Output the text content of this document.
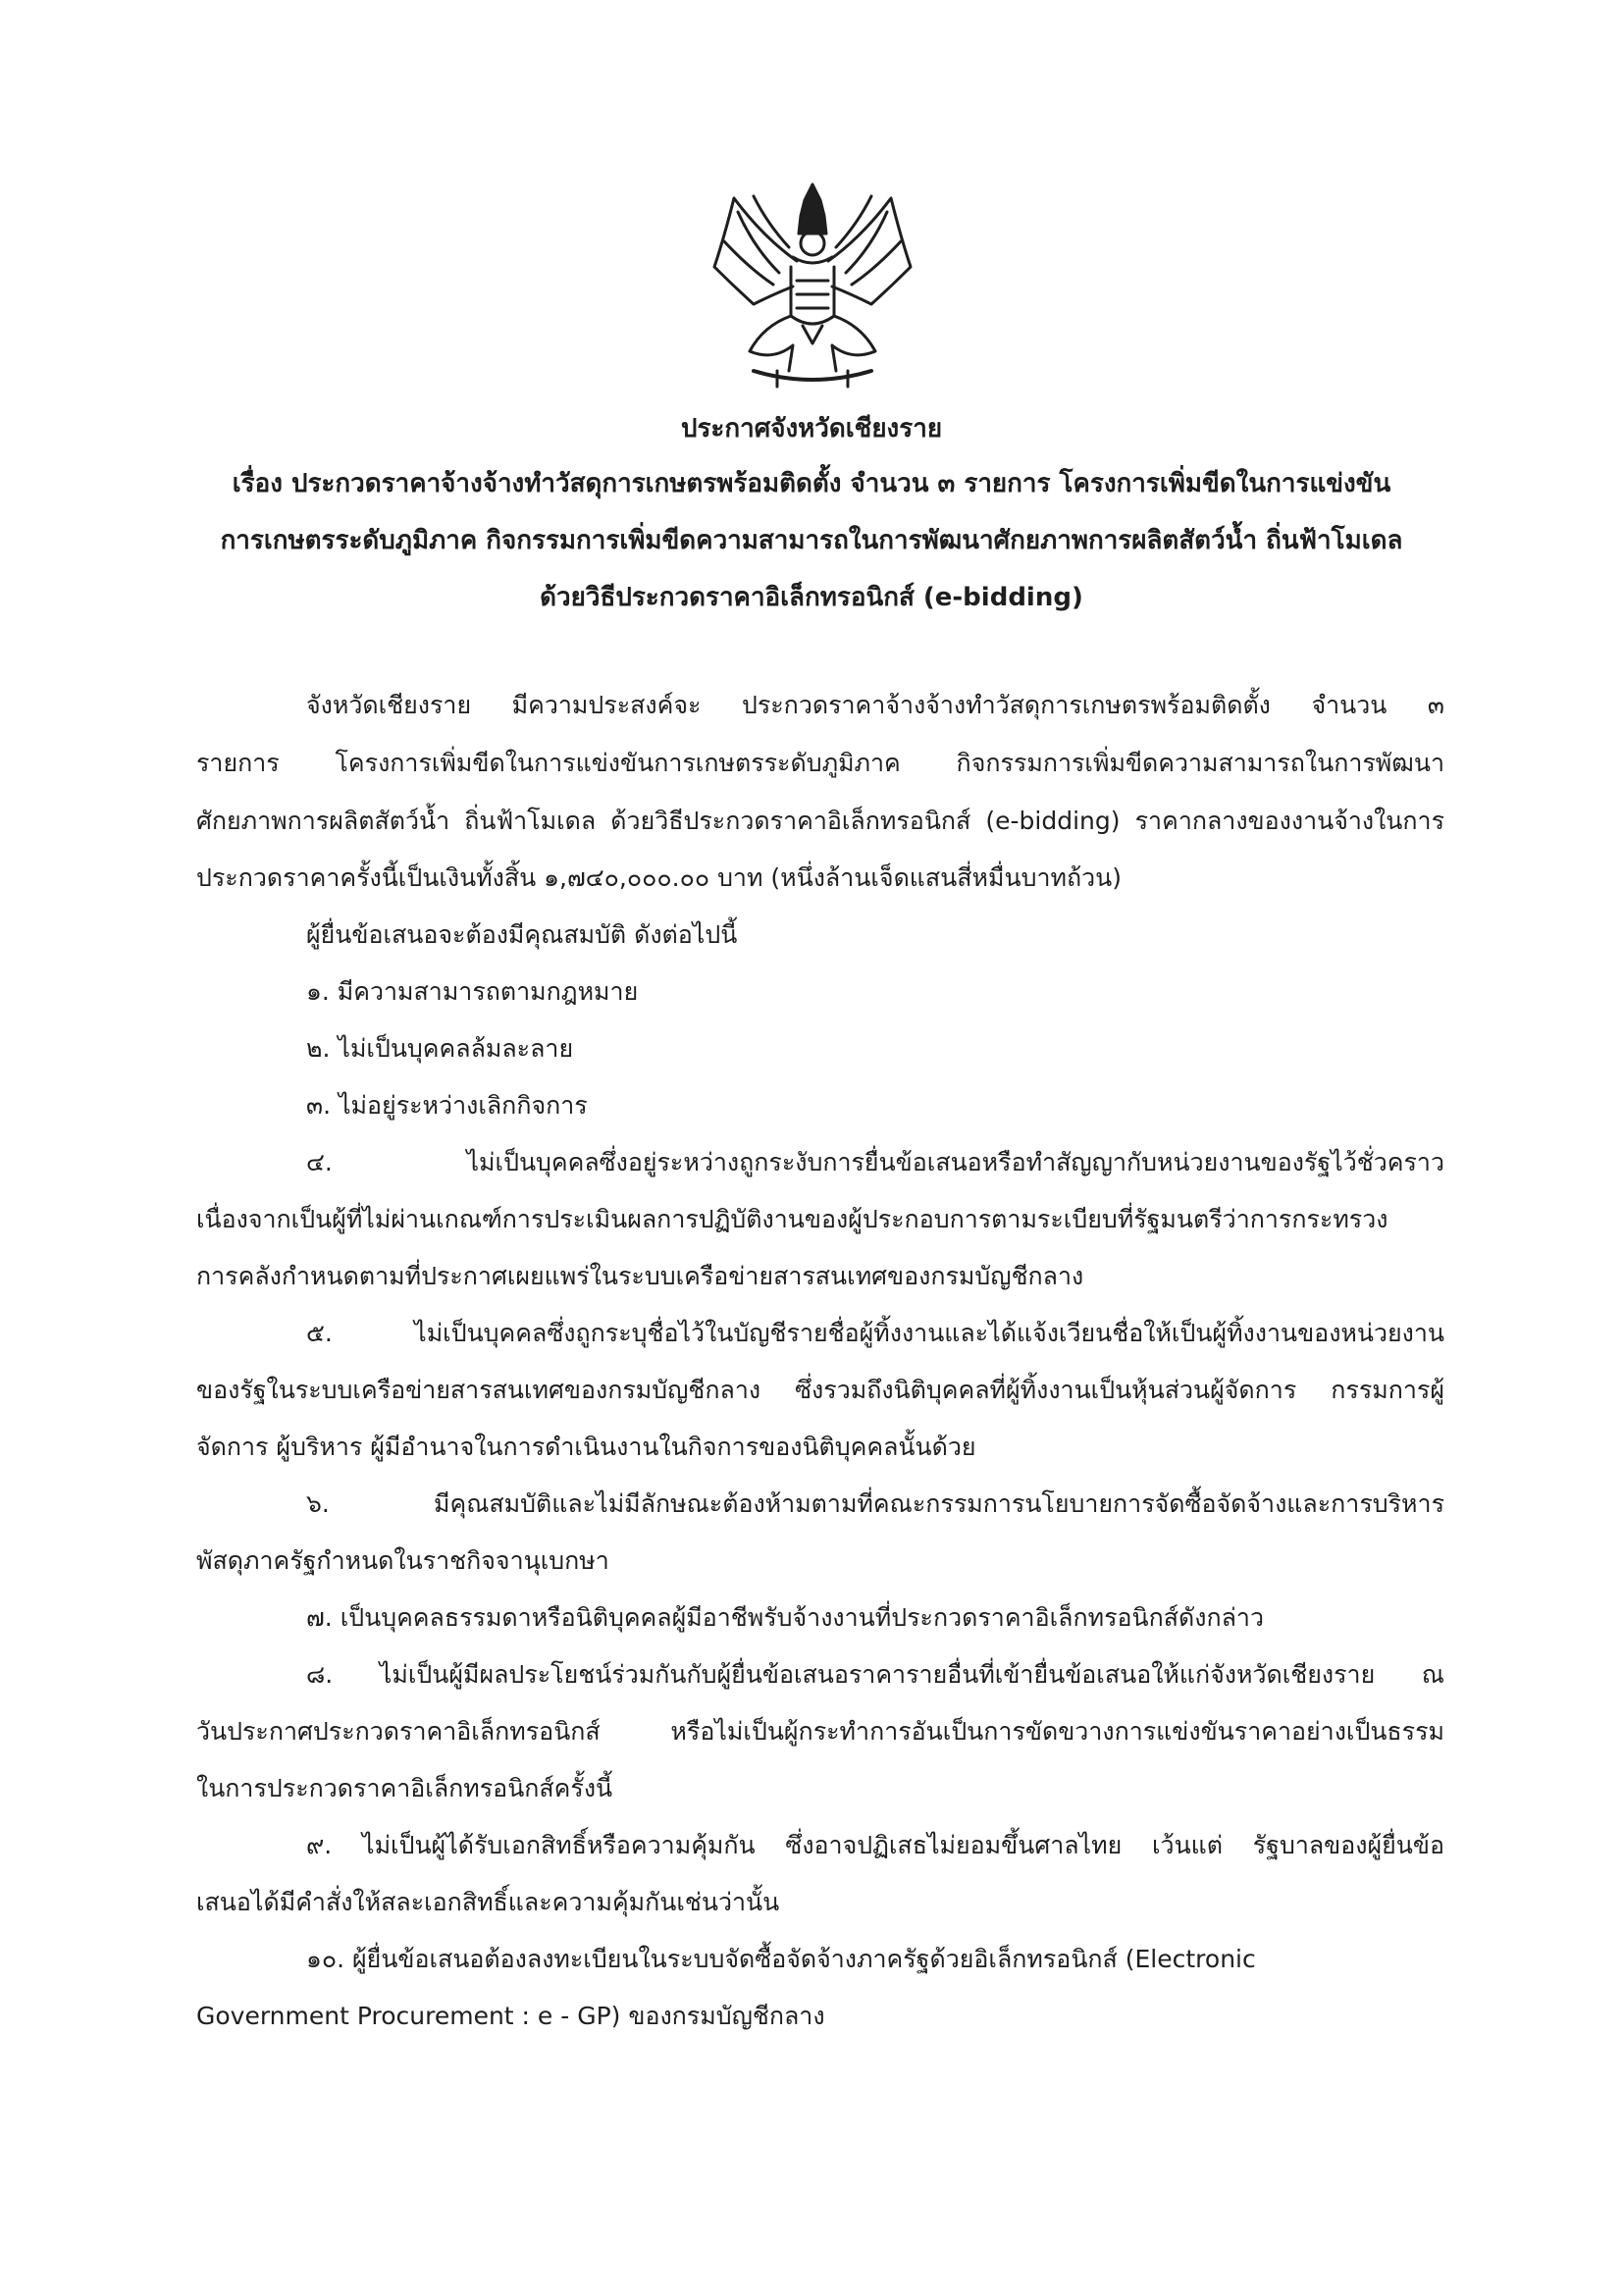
ประกาศจังหวัดเชียงราย
เรื่อง ประกวดราคาจ้างจ้างทำวัสดุการเกษตรพร้อมติดตั้ง จำนวน ๓ รายการ โครงการเพิ่มขีดในการแข่งขัน
การเกษตรระดับภูมิภาค กิจกรรมการเพิ่มขีดความสามารถในการพัฒนาศักยภาพการผลิตสัตว์น้ำ ถิ่นฟ้าโมเดล
ด้วยวิธีประกวดราคาอิเล็กทรอนิกส์ (e-bidding)
จังหวัดเชียงราย มีความประสงค์จะ ประกวดราคาจ้างจ้างทำวัสดุการเกษตรพร้อมติดตั้ง จำนวน ๓
รายการ โครงการเพิ่มขีดในการแข่งขันการเกษตรระดับภูมิภาค กิจกรรมการเพิ่มขีดความสามารถในการพัฒนา
ศักยภาพการผลิตสัตว์น้ำ ถิ่นฟ้าโมเดล ด้วยวิธีประกวดราคาอิเล็กทรอนิกส์ (e-bidding) ราคากลางของงานจ้างในการ
ประกวดราคาครั้งนี้เป็นเงินทั้งสิ้น ๑,๗๔๐,๐๐๐.๐๐ บาท (หนึ่งล้านเจ็ดแสนสี่หมื่นบาทถ้วน)
ผู้ยื่นข้อเสนอจะต้องมีคุณสมบัติ ดังต่อไปนี้
๑. มีความสามารถตามกฎหมาย
๒. ไม่เป็นบุคคลล้มละลาย
๓. ไม่อยู่ระหว่างเลิกกิจการ
๔. ไม่เป็นบุคคลซึ่งอยู่ระหว่างถูกระงับการยื่นข้อเสนอหรือทำสัญญากับหน่วยงานของรัฐไว้ชั่วคราว
เนื่องจากเป็นผู้ที่ไม่ผ่านเกณฑ์การประเมินผลการปฏิบัติงานของผู้ประกอบการตามระเบียบที่รัฐมนตรีว่าการกระทรวง
การคลังกำหนดตามที่ประกาศเผยแพร่ในระบบเครือข่ายสารสนเทศของกรมบัญชีกลาง
๕. ไม่เป็นบุคคลซึ่งถูกระบุชื่อไว้ในบัญชีรายชื่อผู้ทิ้งงานและได้แจ้งเวียนชื่อให้เป็นผู้ทิ้งงานของหน่วยงาน
ของรัฐในระบบเครือข่ายสารสนเทศของกรมบัญชีกลาง ซึ่งรวมถึงนิติบุคคลที่ผู้ทิ้งงานเป็นหุ้นส่วนผู้จัดการ กรรมการผู้
จัดการ ผู้บริหาร ผู้มีอำนาจในการดำเนินงานในกิจการของนิติบุคคลนั้นด้วย
๖. มีคุณสมบัติและไม่มีลักษณะต้องห้ามตามที่คณะกรรมการนโยบายการจัดซื้อจัดจ้างและการบริหาร
พัสดุภาครัฐกำหนดในราชกิจจานุเบกษา
๗. เป็นบุคคลธรรมดาหรือนิติบุคคลผู้มีอาชีพรับจ้างงานที่ประกวดราคาอิเล็กทรอนิกส์ดังกล่าว
๘. ไม่เป็นผู้มีผลประโยชน์ร่วมกันกับผู้ยื่นข้อเสนอราคารายอื่นที่เข้ายื่นข้อเสนอให้แก่จังหวัดเชียงราย ณ
วันประกาศประกวดราคาอิเล็กทรอนิกส์ หรือไม่เป็นผู้กระทำการอันเป็นการขัดขวางการแข่งขันราคาอย่างเป็นธรรม
ในการประกวดราคาอิเล็กทรอนิกส์ครั้งนี้
๙. ไม่เป็นผู้ได้รับเอกสิทธิ์หรือความคุ้มกัน ซึ่งอาจปฏิเสธไม่ยอมขึ้นศาลไทย เว้นแต่ รัฐบาลของผู้ยื่นข้อ
เสนอได้มีคำสั่งให้สละเอกสิทธิ์และความคุ้มกันเช่นว่านั้น
๑๐. ผู้ยื่นข้อเสนอต้องลงทะเบียนในระบบจัดซื้อจัดจ้างภาครัฐด้วยอิเล็กทรอนิกส์ (Electronic
Government Procurement : e - GP) ของกรมบัญชีกลาง
